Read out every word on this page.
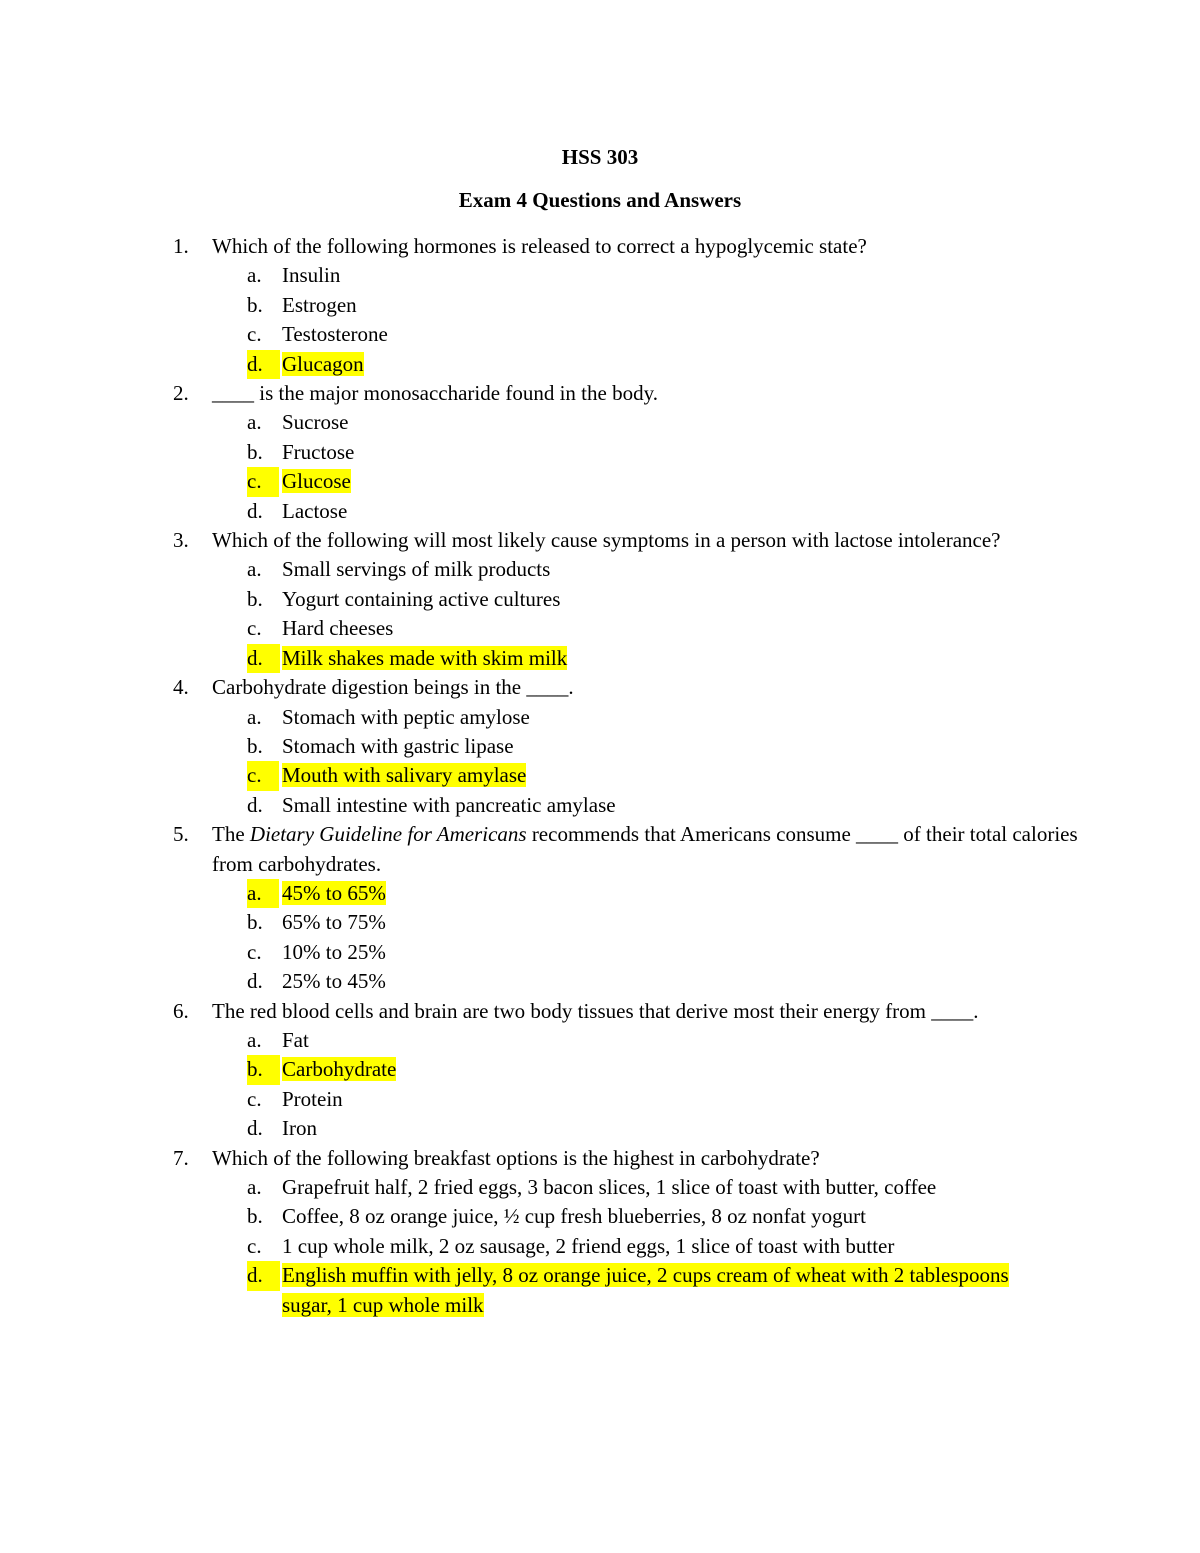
HSS 303

Exam 4 Questions and Answers

1. Which of the following hormones is released to correct a hypoglycemic state?
a. Insulin
b. Estrogen
c. Testosterone
d. Glucagon
2. ____ is the major monosaccharide found in the body.
a. Sucrose
b. Fructose
c. Glucose
d. Lactose
3. Which of the following will most likely cause symptoms in a person with lactose intolerance?
a. Small servings of milk products
b. Yogurt containing active cultures
c. Hard cheeses
d. Milk shakes made with skim milk
4. Carbohydrate digestion beings in the ____.
a. Stomach with peptic amylose
b. Stomach with gastric lipase
c. Mouth with salivary amylase
d. Small intestine with pancreatic amylase
5. The Dietary Guideline for Americans recommends that Americans consume ____ of their total calories from carbohydrates.
a. 45% to 65%
b. 65% to 75%
c. 10% to 25%
d. 25% to 45%
6. The red blood cells and brain are two body tissues that derive most their energy from ____.
a. Fat
b. Carbohydrate
c. Protein
d. Iron
7. Which of the following breakfast options is the highest in carbohydrate?
a. Grapefruit half, 2 fried eggs, 3 bacon slices, 1 slice of toast with butter, coffee
b. Coffee, 8 oz orange juice, ½ cup fresh blueberries, 8 oz nonfat yogurt
c. 1 cup whole milk, 2 oz sausage, 2 friend eggs, 1 slice of toast with butter
d. English muffin with jelly, 8 oz orange juice, 2 cups cream of wheat with 2 tablespoons sugar, 1 cup whole milk
